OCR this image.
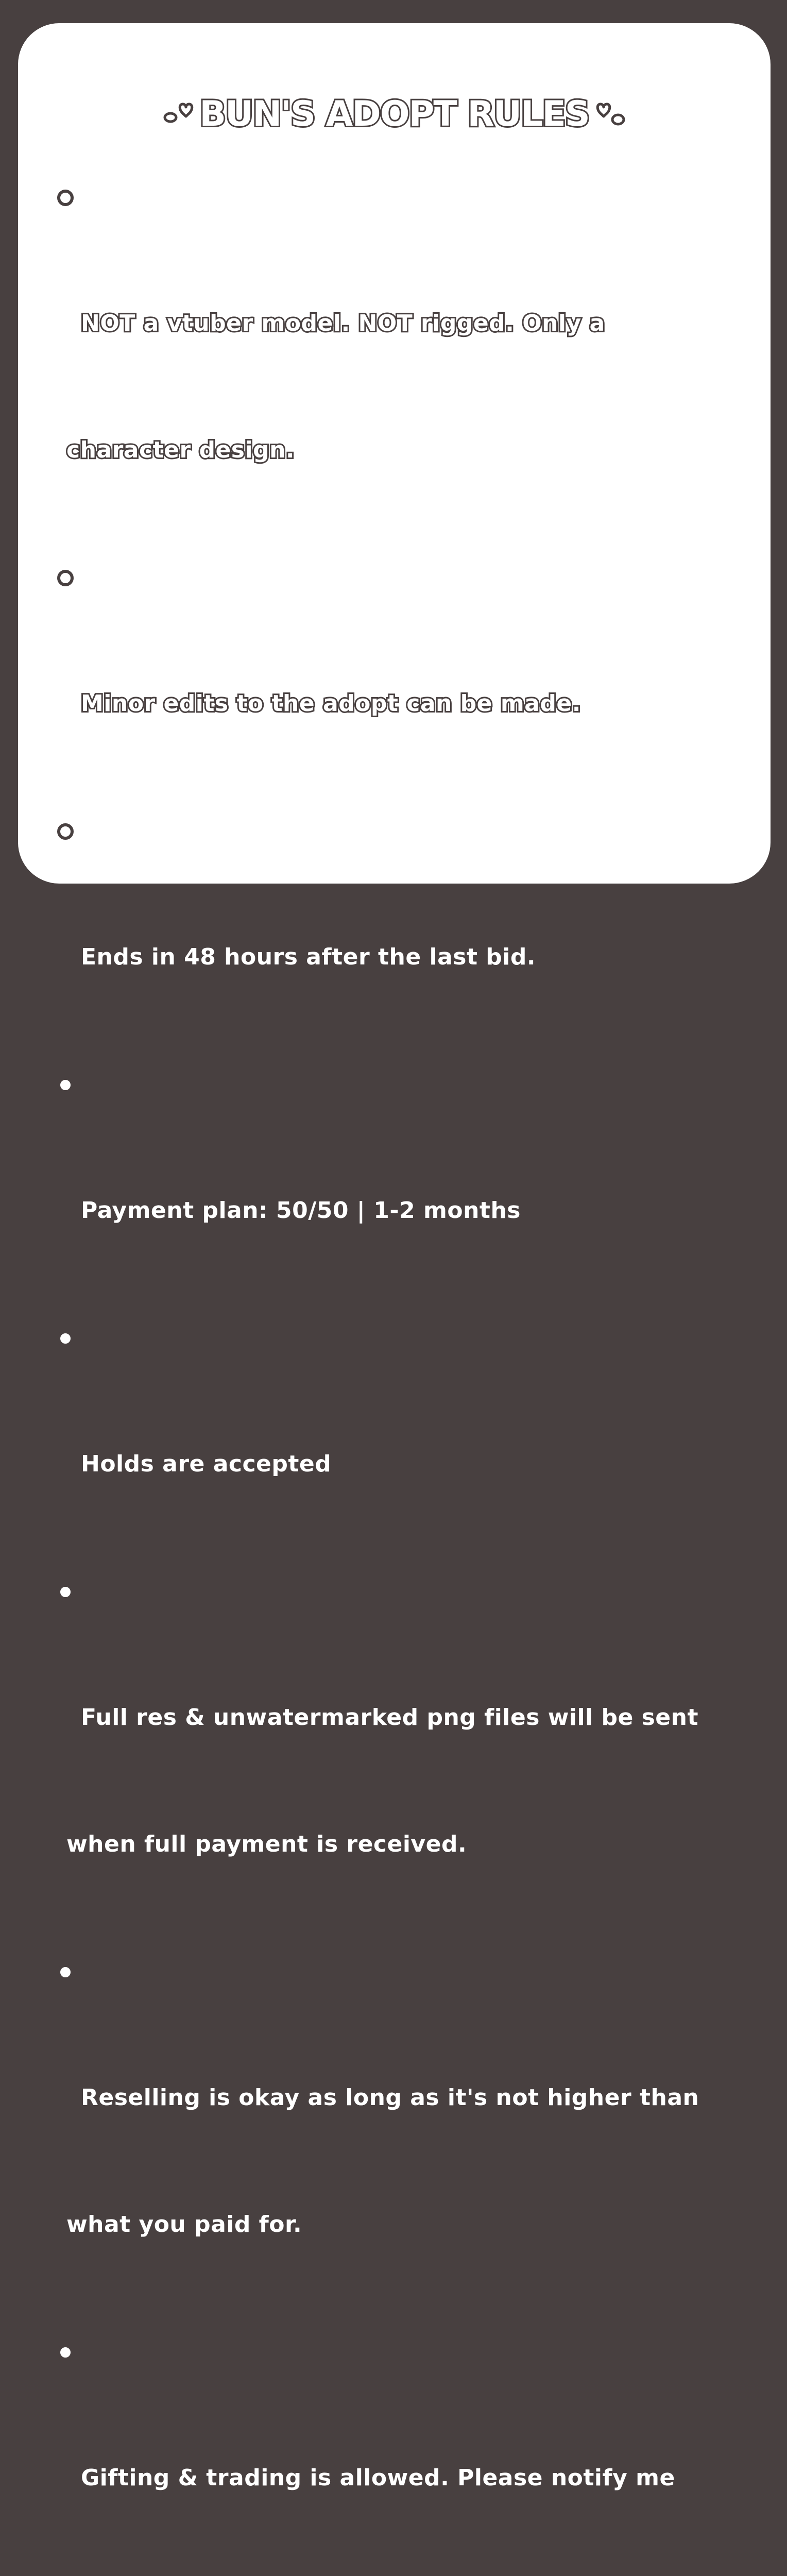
BUN'S ADOPT RULES

NOT a vtuber model. NOT rigged. Only a

character design.

Minor edits to the adopt can be made.

Ends in 48 hours after the last bid.

Payment plan: 50/50 | 1-2 months

Holds are accepted

Full res & unwatermarked png files will be sent

when full payment is received.

Reselling is okay as long as it's not higher than

what you paid for.

Gifting & trading is allowed. Please notify me
